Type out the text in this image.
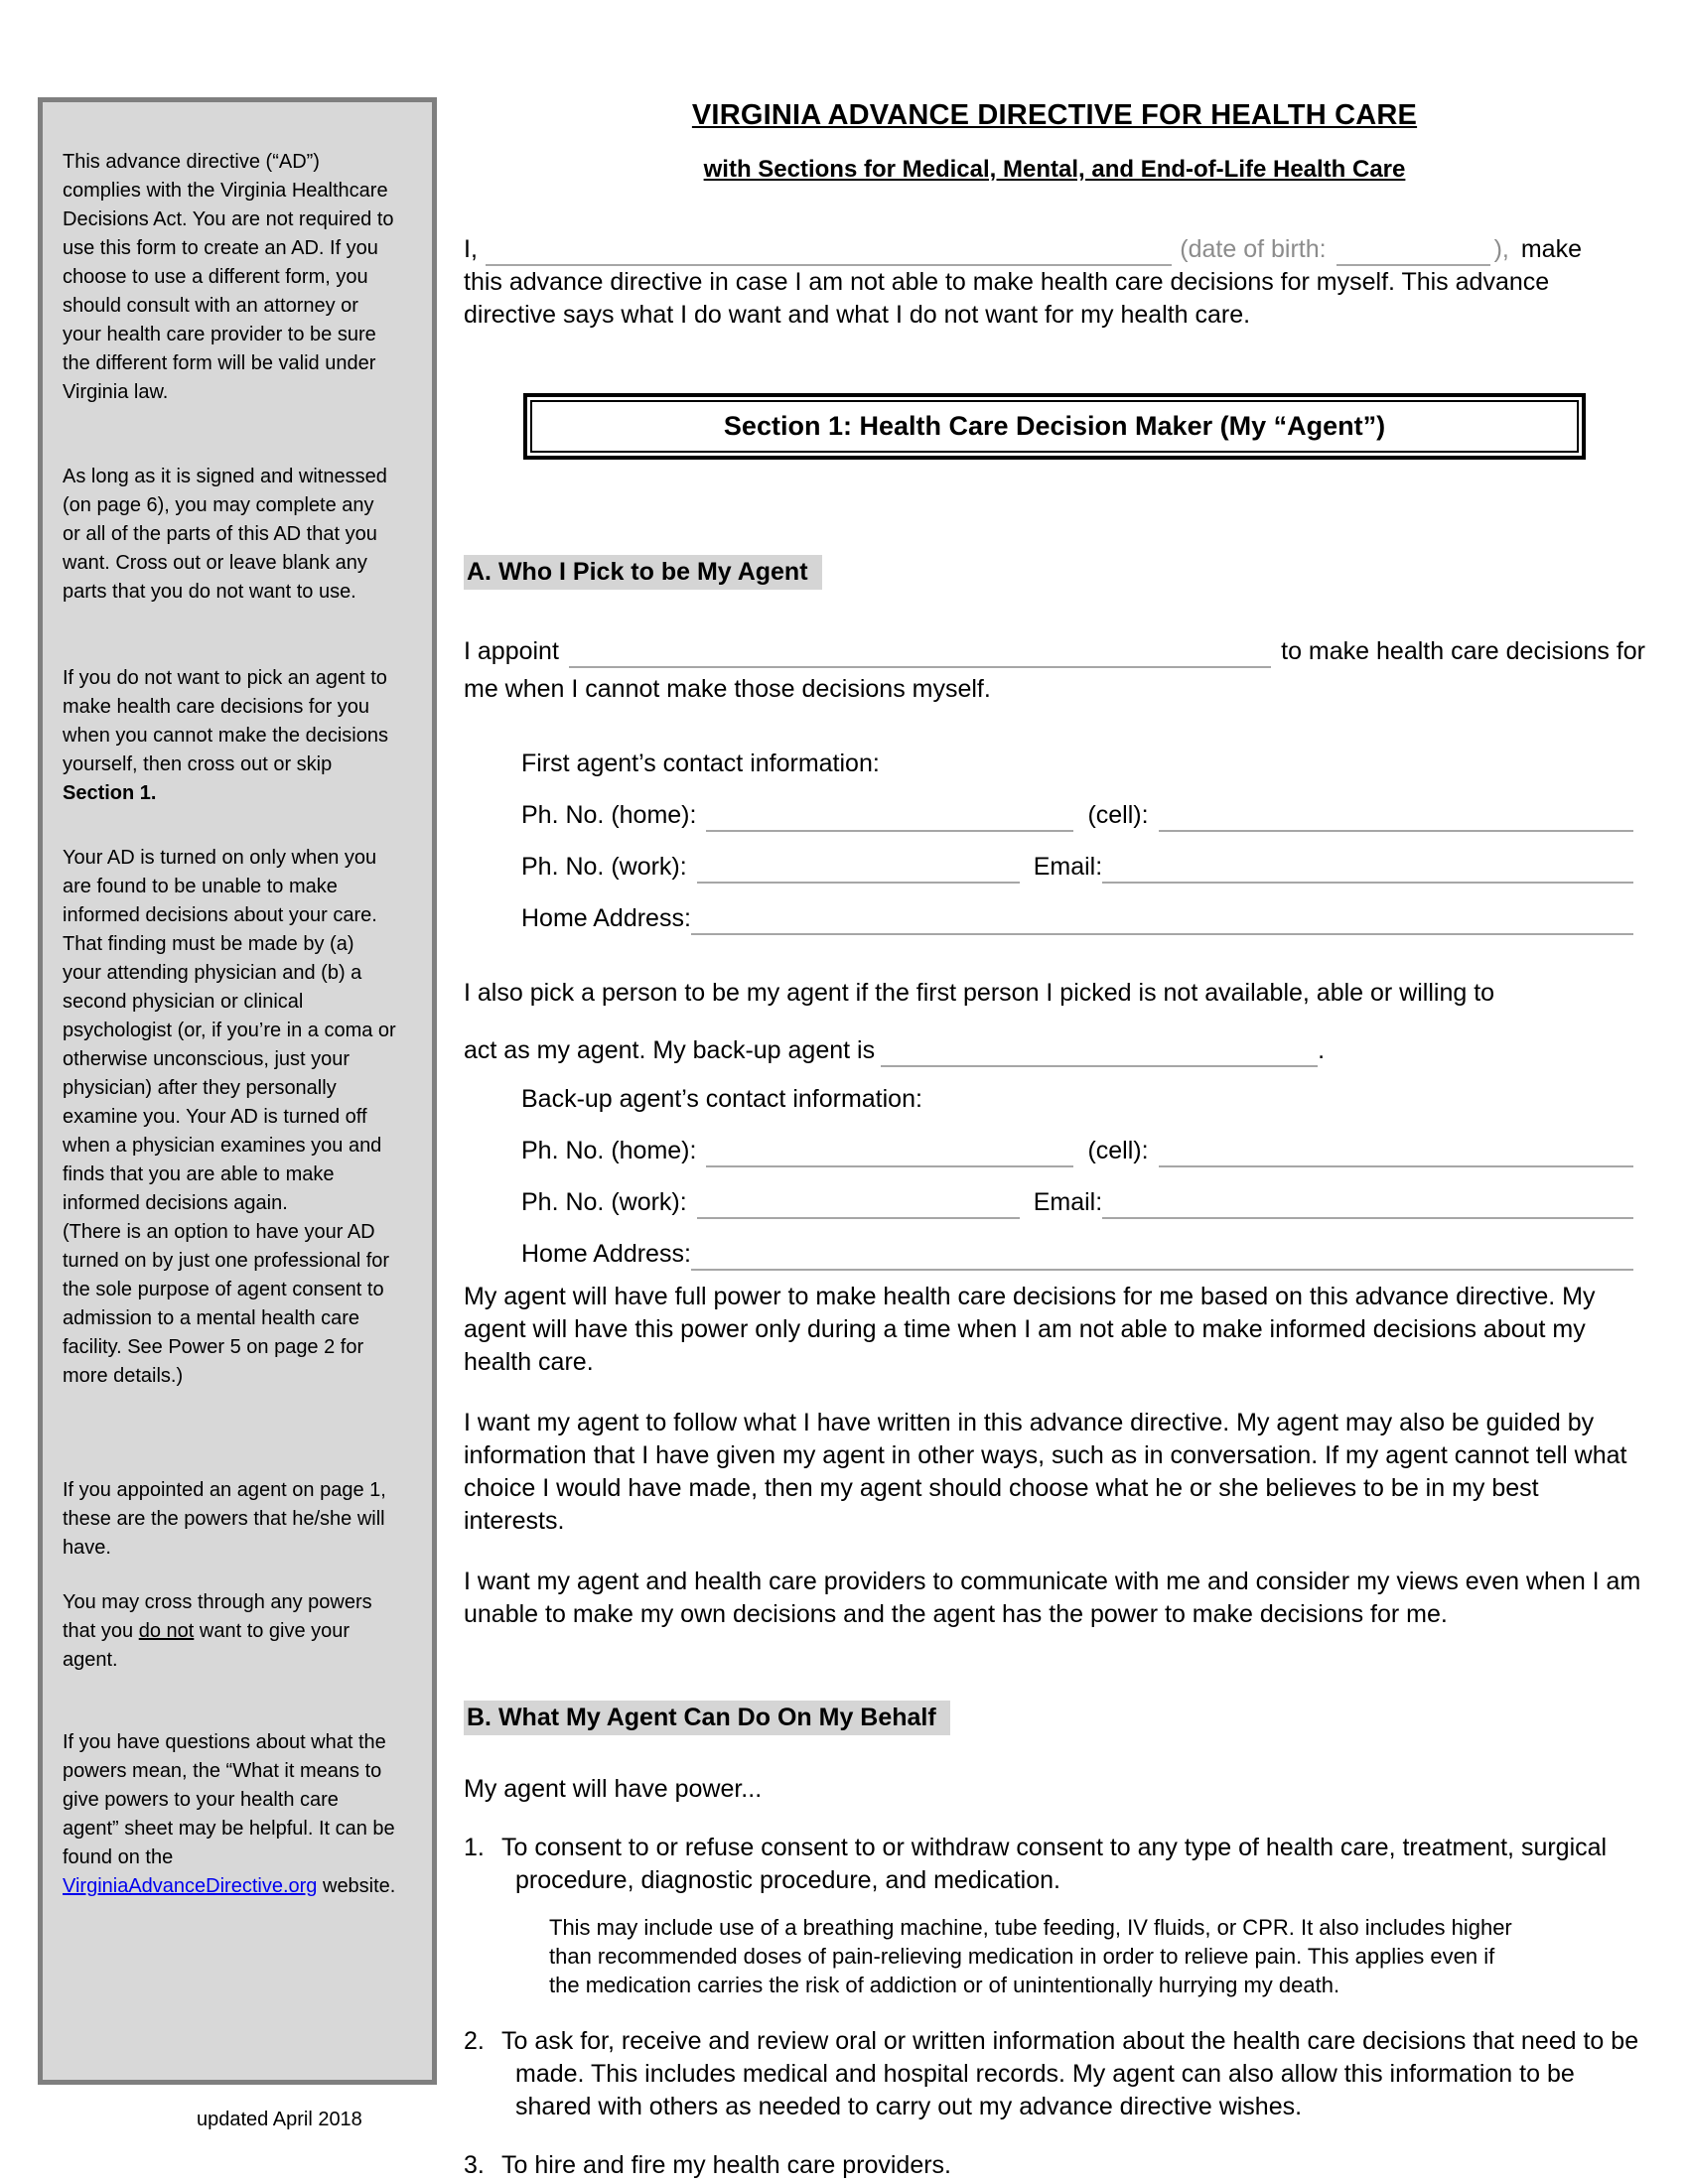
This advance directive (“AD”) complies with the Virginia Healthcare Decisions Act. You are not required to use this form to create an AD. If you choose to use a different form, you should consult with an attorney or your health care provider to be sure the different form will be valid under Virginia law.

As long as it is signed and witnessed (on page 6), you may complete any or all of the parts of this AD that you want. Cross out or leave blank any parts that you do not want to use.

If you do not want to pick an agent to make health care decisions for you when you cannot make the decisions yourself, then cross out or skip Section 1.

Your AD is turned on only when you are found to be unable to make informed decisions about your care. That finding must be made by (a) your attending physician and (b) a second physician or clinical psychologist (or, if you’re in a coma or otherwise unconscious, just your physician) after they personally examine you. Your AD is turned off when a physician examines you and finds that you are able to make informed decisions again.
(There is an option to have your AD turned on by just one professional for the sole purpose of agent consent to admission to a mental health care facility. See Power 5 on page 2 for more details.)

If you appointed an agent on page 1, these are the powers that he/she will have.

You may cross through any powers that you do not want to give your agent.

If you have questions about what the powers mean, the “What it means to give powers to your health care agent” sheet may be helpful. It can be found on the VirginiaAdvanceDirective.org website.

updated April 2018
VIRGINIA ADVANCE DIRECTIVE FOR HEALTH CARE
with Sections for Medical, Mental, and End-of-Life Health Care
I,	(date of birth:	), make

this advance directive in case I am not able to make health care decisions for myself. This advance directive says what I do want and what I do not want for my health care.

Section 1: Health Care Decision Maker (My “Agent”)
A. Who I Pick to be My Agent
I appoint	to make health care decisions for

me when I cannot make those decisions myself.

First agent’s contact information:

Ph. No. (home):	(cell):
Ph. No. (work):	Email:
Home Address:

I also pick a person to be my agent if the first person I picked is not available, able or willing to

act as my agent. My back-up agent is	.

Back-up agent’s contact information:

Ph. No. (home):	(cell):
Ph. No. (work):	Email:
Home Address:

My agent will have full power to make health care decisions for me based on this advance directive. My agent will have this power only during a time when I am not able to make informed decisions about my health care.

I want my agent to follow what I have written in this advance directive. My agent may also be guided by information that I have given my agent in other ways, such as in conversation. If my agent cannot tell what choice I would have made, then my agent should choose what he or she believes to be in my best interests.

I want my agent and health care providers to communicate with me and consider my views even when I am unable to make my own decisions and the agent has the power to make decisions for me.

B. What My Agent Can Do On My Behalf

My agent will have power...

1. To consent to or refuse consent to or withdraw consent to any type of health care, treatment, surgical procedure, diagnostic procedure, and medication.

This may include use of a breathing machine, tube feeding, IV fluids, or CPR. It also includes higher than recommended doses of pain-relieving medication in order to relieve pain. This applies even if the medication carries the risk of addiction or of unintentionally hurrying my death.

2. To ask for, receive and review oral or written information about the health care decisions that need to be made. This includes medical and hospital records. My agent can also allow this information to be shared with others as needed to carry out my advance directive wishes.
3. To hire and fire my health care providers.
